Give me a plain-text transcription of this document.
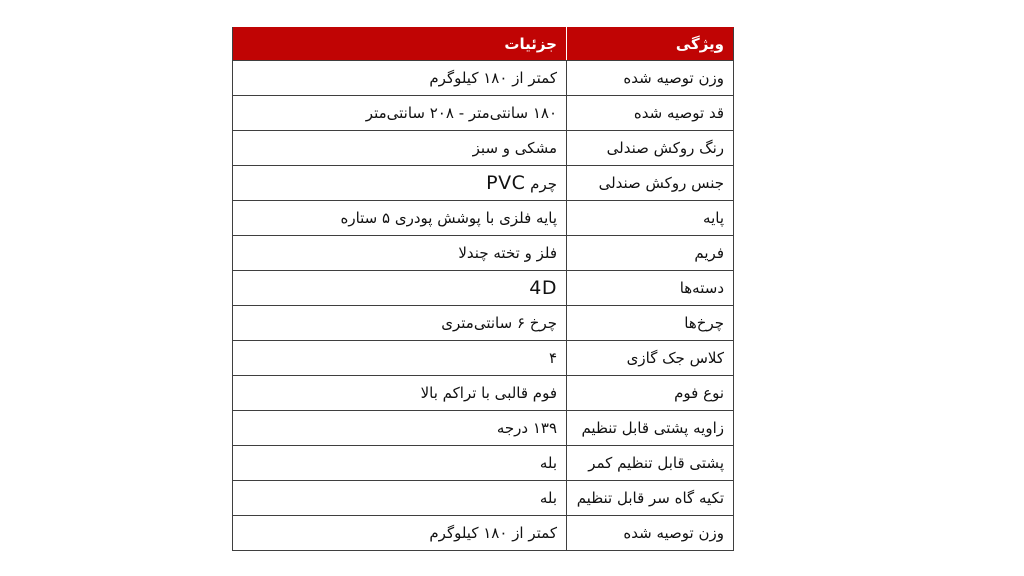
ویژگی	جزئیات
وزن توصیه شده	کمتر از ۱۸۰ کیلوگرم
قد توصیه شده	۱۸۰ سانتی‌متر - ۲۰۸ سانتی‌متر
رنگ روکش صندلی	مشکی و سبز
جنس روکش صندلی	چرم PVC
پایه	پایه فلزی با پوشش پودری ۵ ستاره
فریم	فلز و تخته چندلا
دسته‌ها	4D
چرخ‌ها	چرخ ۶ سانتی‌متری
کلاس جک گازی	۴
نوع فوم	فوم قالبی با تراکم بالا
زاویه پشتی قابل تنظیم	۱۳۹ درجه
پشتی قابل تنظیم کمر	بله
تکیه گاه سر قابل تنظیم	بله
وزن توصیه شده	کمتر از ۱۸۰ کیلوگرم
